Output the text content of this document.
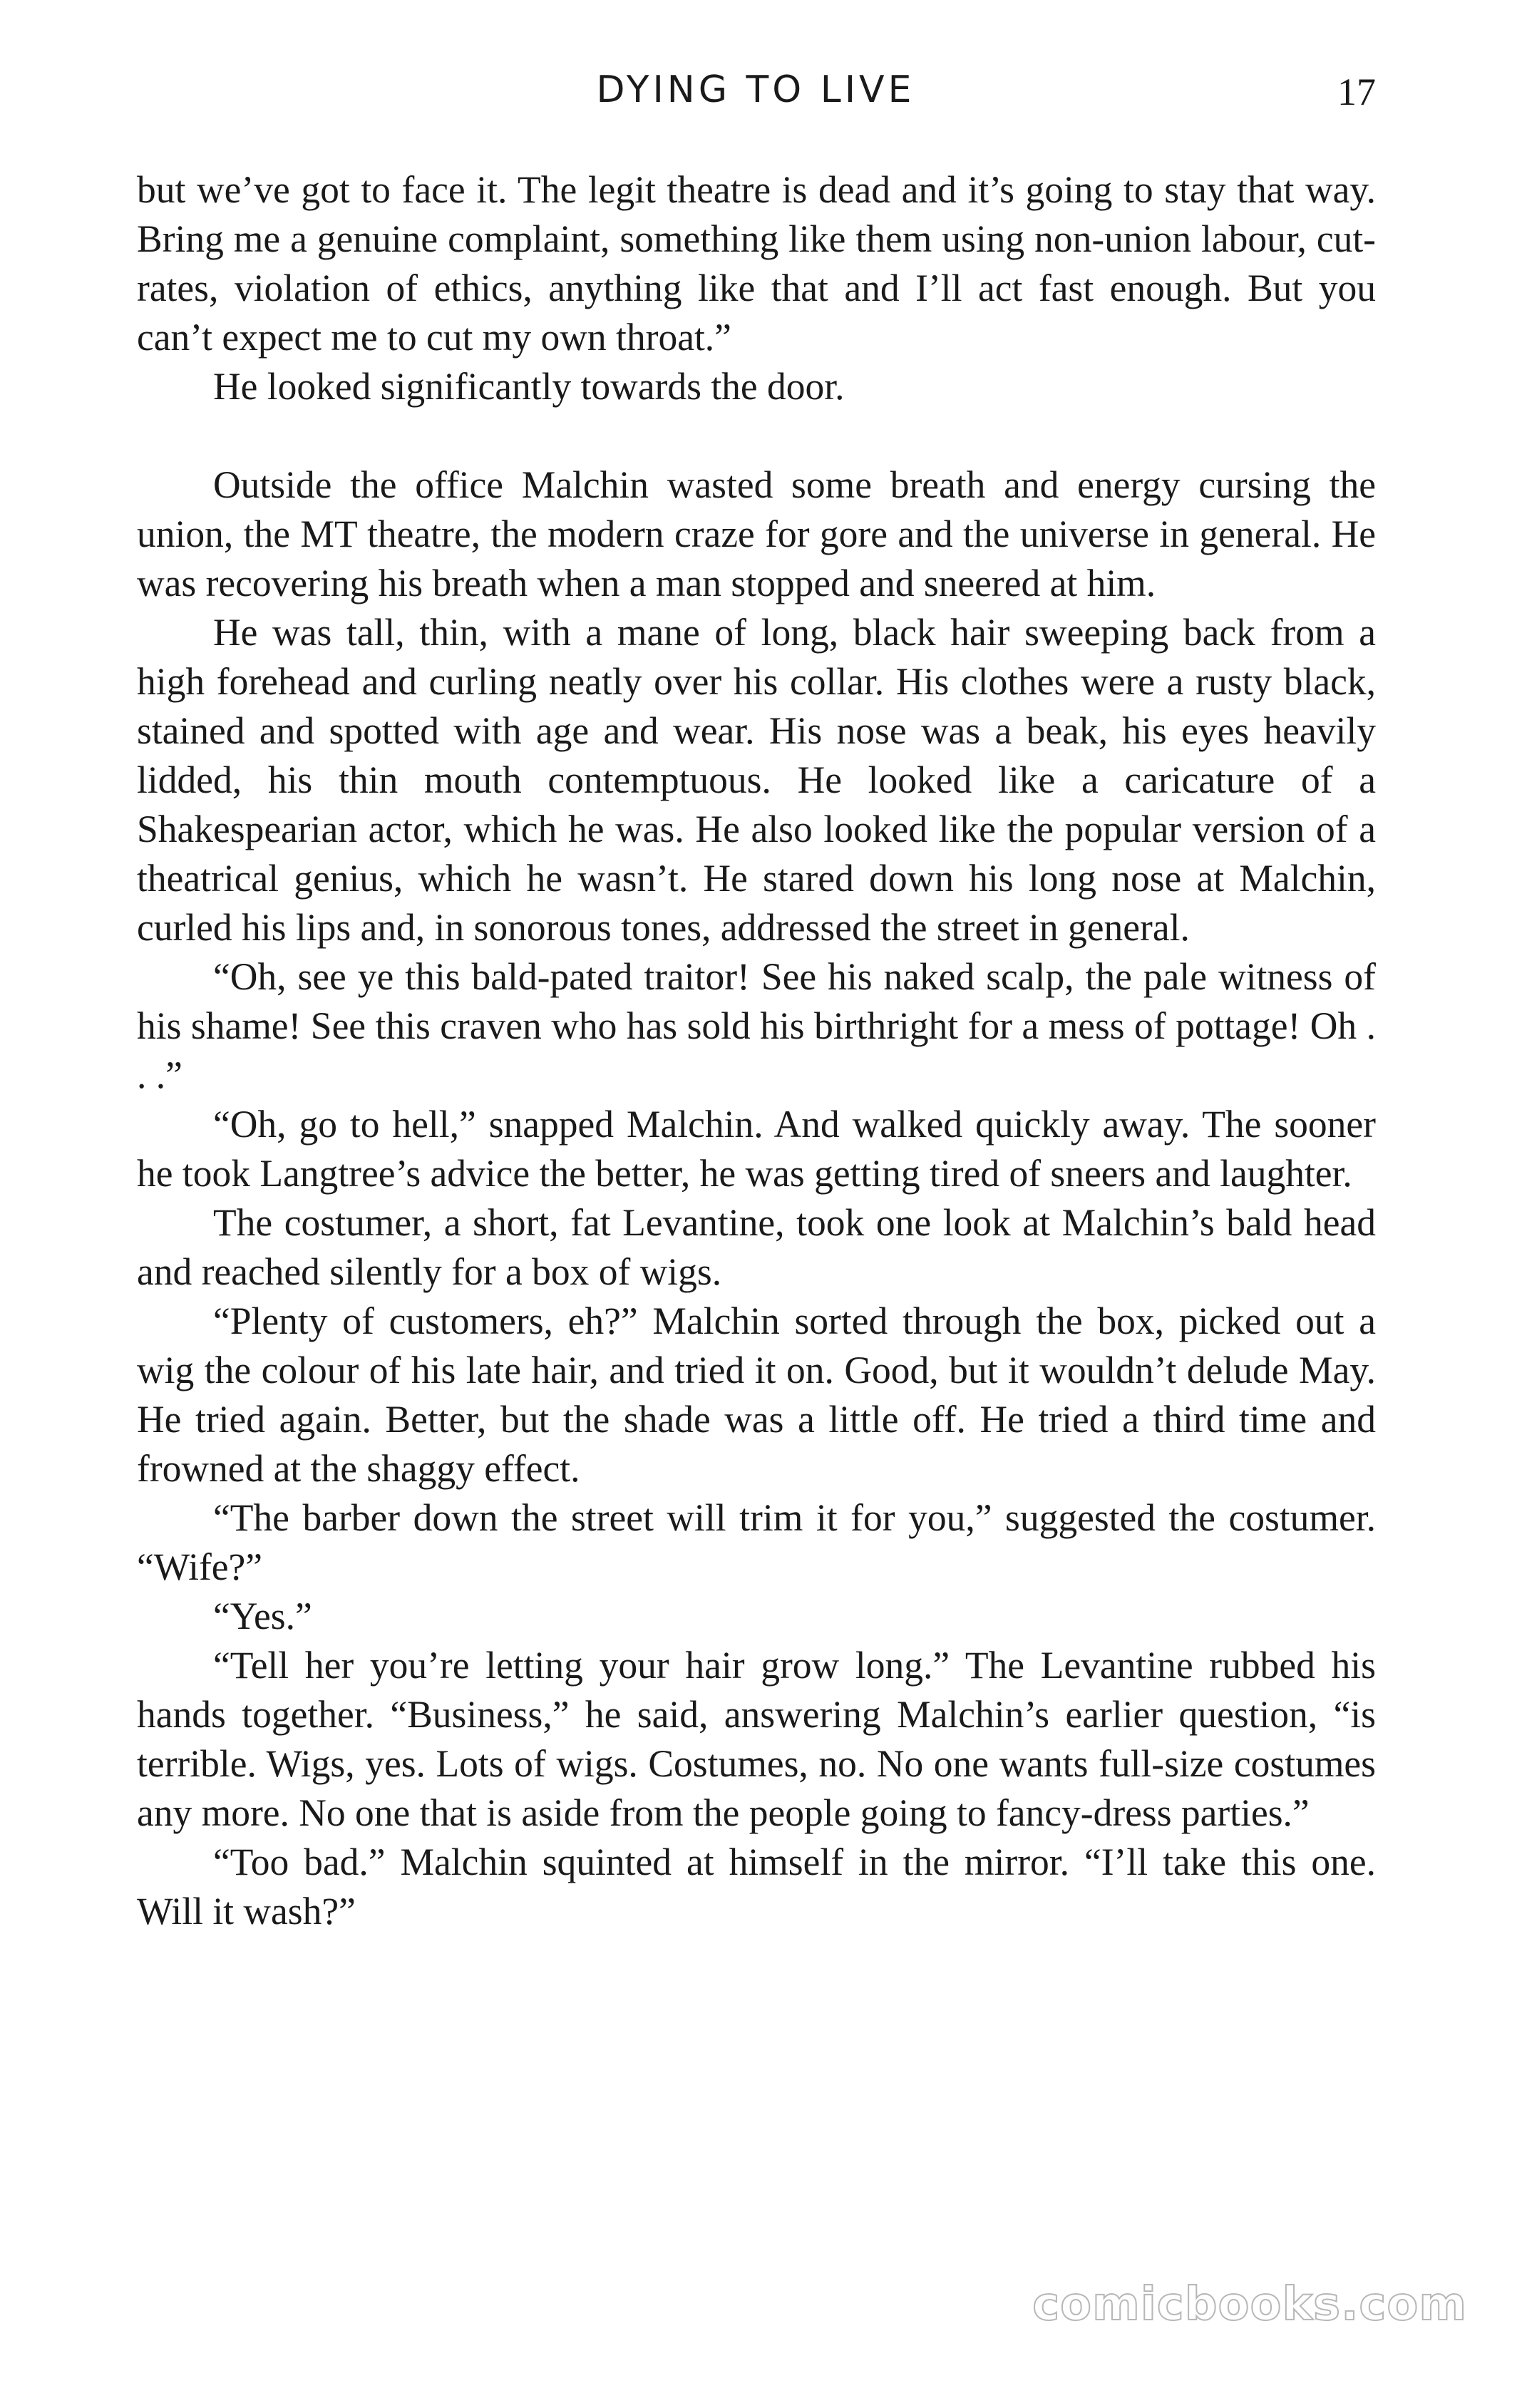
DYING TO LIVE	17

but we’ve got to face it. The legit theatre is dead and it’s going to stay that way. Bring me a genuine complaint, something like them using non-union labour, cut-rates, violation of ethics, anything like that and I’ll act fast enough. But you can’t expect me to cut my own throat.”

He looked significantly towards the door.

Outside the office Malchin wasted some breath and energy cursing the union, the MT theatre, the modern craze for gore and the universe in general. He was recovering his breath when a man stopped and sneered at him.

He was tall, thin, with a mane of long, black hair sweeping back from a high forehead and curling neatly over his collar. His clothes were a rusty black, stained and spotted with age and wear. His nose was a beak, his eyes heavily lidded, his thin mouth contemptuous. He looked like a caricature of a Shakespearian actor, which he was. He also looked like the popular version of a theatrical genius, which he wasn’t. He stared down his long nose at Malchin, curled his lips and, in sonorous tones, addressed the street in general.

“Oh, see ye this bald-pated traitor! See his naked scalp, the pale witness of his shame! See this craven who has sold his birthright for a mess of pottage! Oh . . .”

“Oh, go to hell,” snapped Malchin. And walked quickly away. The sooner he took Langtree’s advice the better, he was getting tired of sneers and laughter.

The costumer, a short, fat Levantine, took one look at Malchin’s bald head and reached silently for a box of wigs.

“Plenty of customers, eh?” Malchin sorted through the box, picked out a wig the colour of his late hair, and tried it on. Good, but it wouldn’t delude May. He tried again. Better, but the shade was a little off. He tried a third time and frowned at the shaggy effect.

“The barber down the street will trim it for you,” suggested the costumer. “Wife?”

“Yes.”

“Tell her you’re letting your hair grow long.” The Levantine rubbed his hands together. “Business,” he said, answering Malchin’s earlier question, “is terrible. Wigs, yes. Lots of wigs. Costumes, no. No one wants full-size costumes any more. No one that is aside from the people going to fancy-dress parties.”

“Too bad.” Malchin squinted at himself in the mirror. “I’ll take this one. Will it wash?”

comicbooks.com
